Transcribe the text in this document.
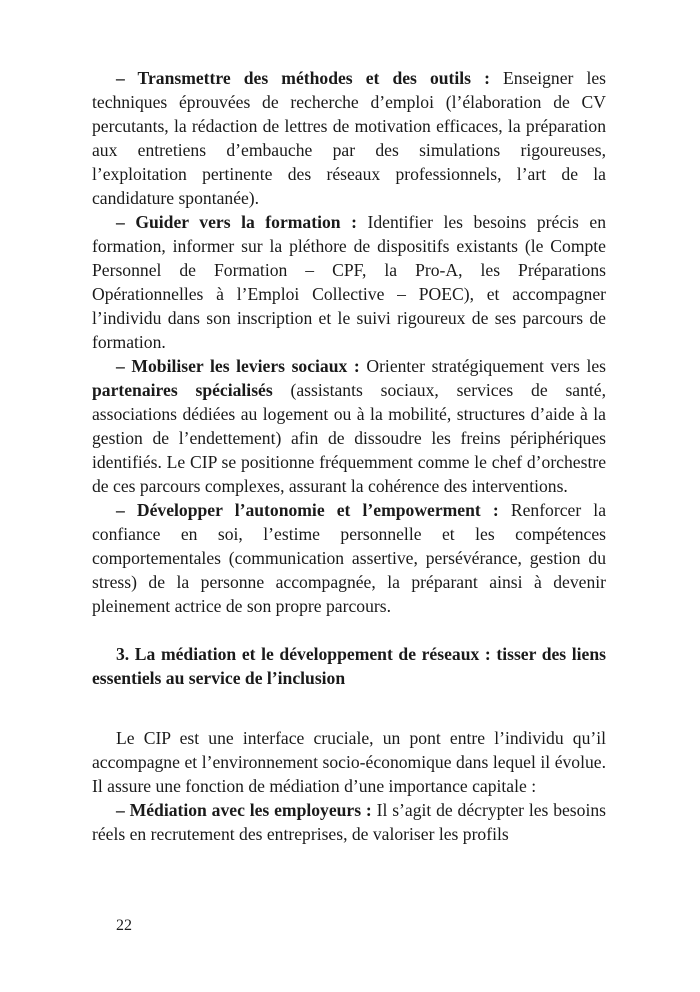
– Transmettre des méthodes et des outils : Enseigner les techniques éprouvées de recherche d’emploi (l’élaboration de CV percutants, la rédaction de lettres de motivation efficaces, la préparation aux entretiens d’embauche par des simulations rigoureuses, l’exploitation pertinente des réseaux professionnels, l’art de la candidature spontanée).

– Guider vers la formation : Identifier les besoins précis en formation, informer sur la pléthore de dispositifs existants (le Compte Personnel de Formation – CPF, la Pro-A, les Préparations Opérationnelles à l’Emploi Collective – POEC), et accompagner l’individu dans son inscription et le suivi rigoureux de ses parcours de formation.

– Mobiliser les leviers sociaux : Orienter stratégiquement vers les partenaires spécialisés (assistants sociaux, services de santé, associations dédiées au logement ou à la mobilité, structures d’aide à la gestion de l’endettement) afin de dissoudre les freins périphériques identifiés. Le CIP se positionne fréquemment comme le chef d’orchestre de ces parcours complexes, assurant la cohérence des interventions.

– Développer l’autonomie et l’empowerment : Renforcer la confiance en soi, l’estime personnelle et les compétences comportementales (communication assertive, persévérance, gestion du stress) de la personne accompagnée, la préparant ainsi à devenir pleinement actrice de son propre parcours.

3. La médiation et le développement de réseaux : tisser des liens essentiels au service de l’inclusion

Le CIP est une interface cruciale, un pont entre l’individu qu’il accompagne et l’environnement socio-économique dans lequel il évolue. Il assure une fonction de médiation d’une importance capitale :

– Médiation avec les employeurs : Il s’agit de décrypter les besoins réels en recrutement des entreprises, de valoriser les profils

22
